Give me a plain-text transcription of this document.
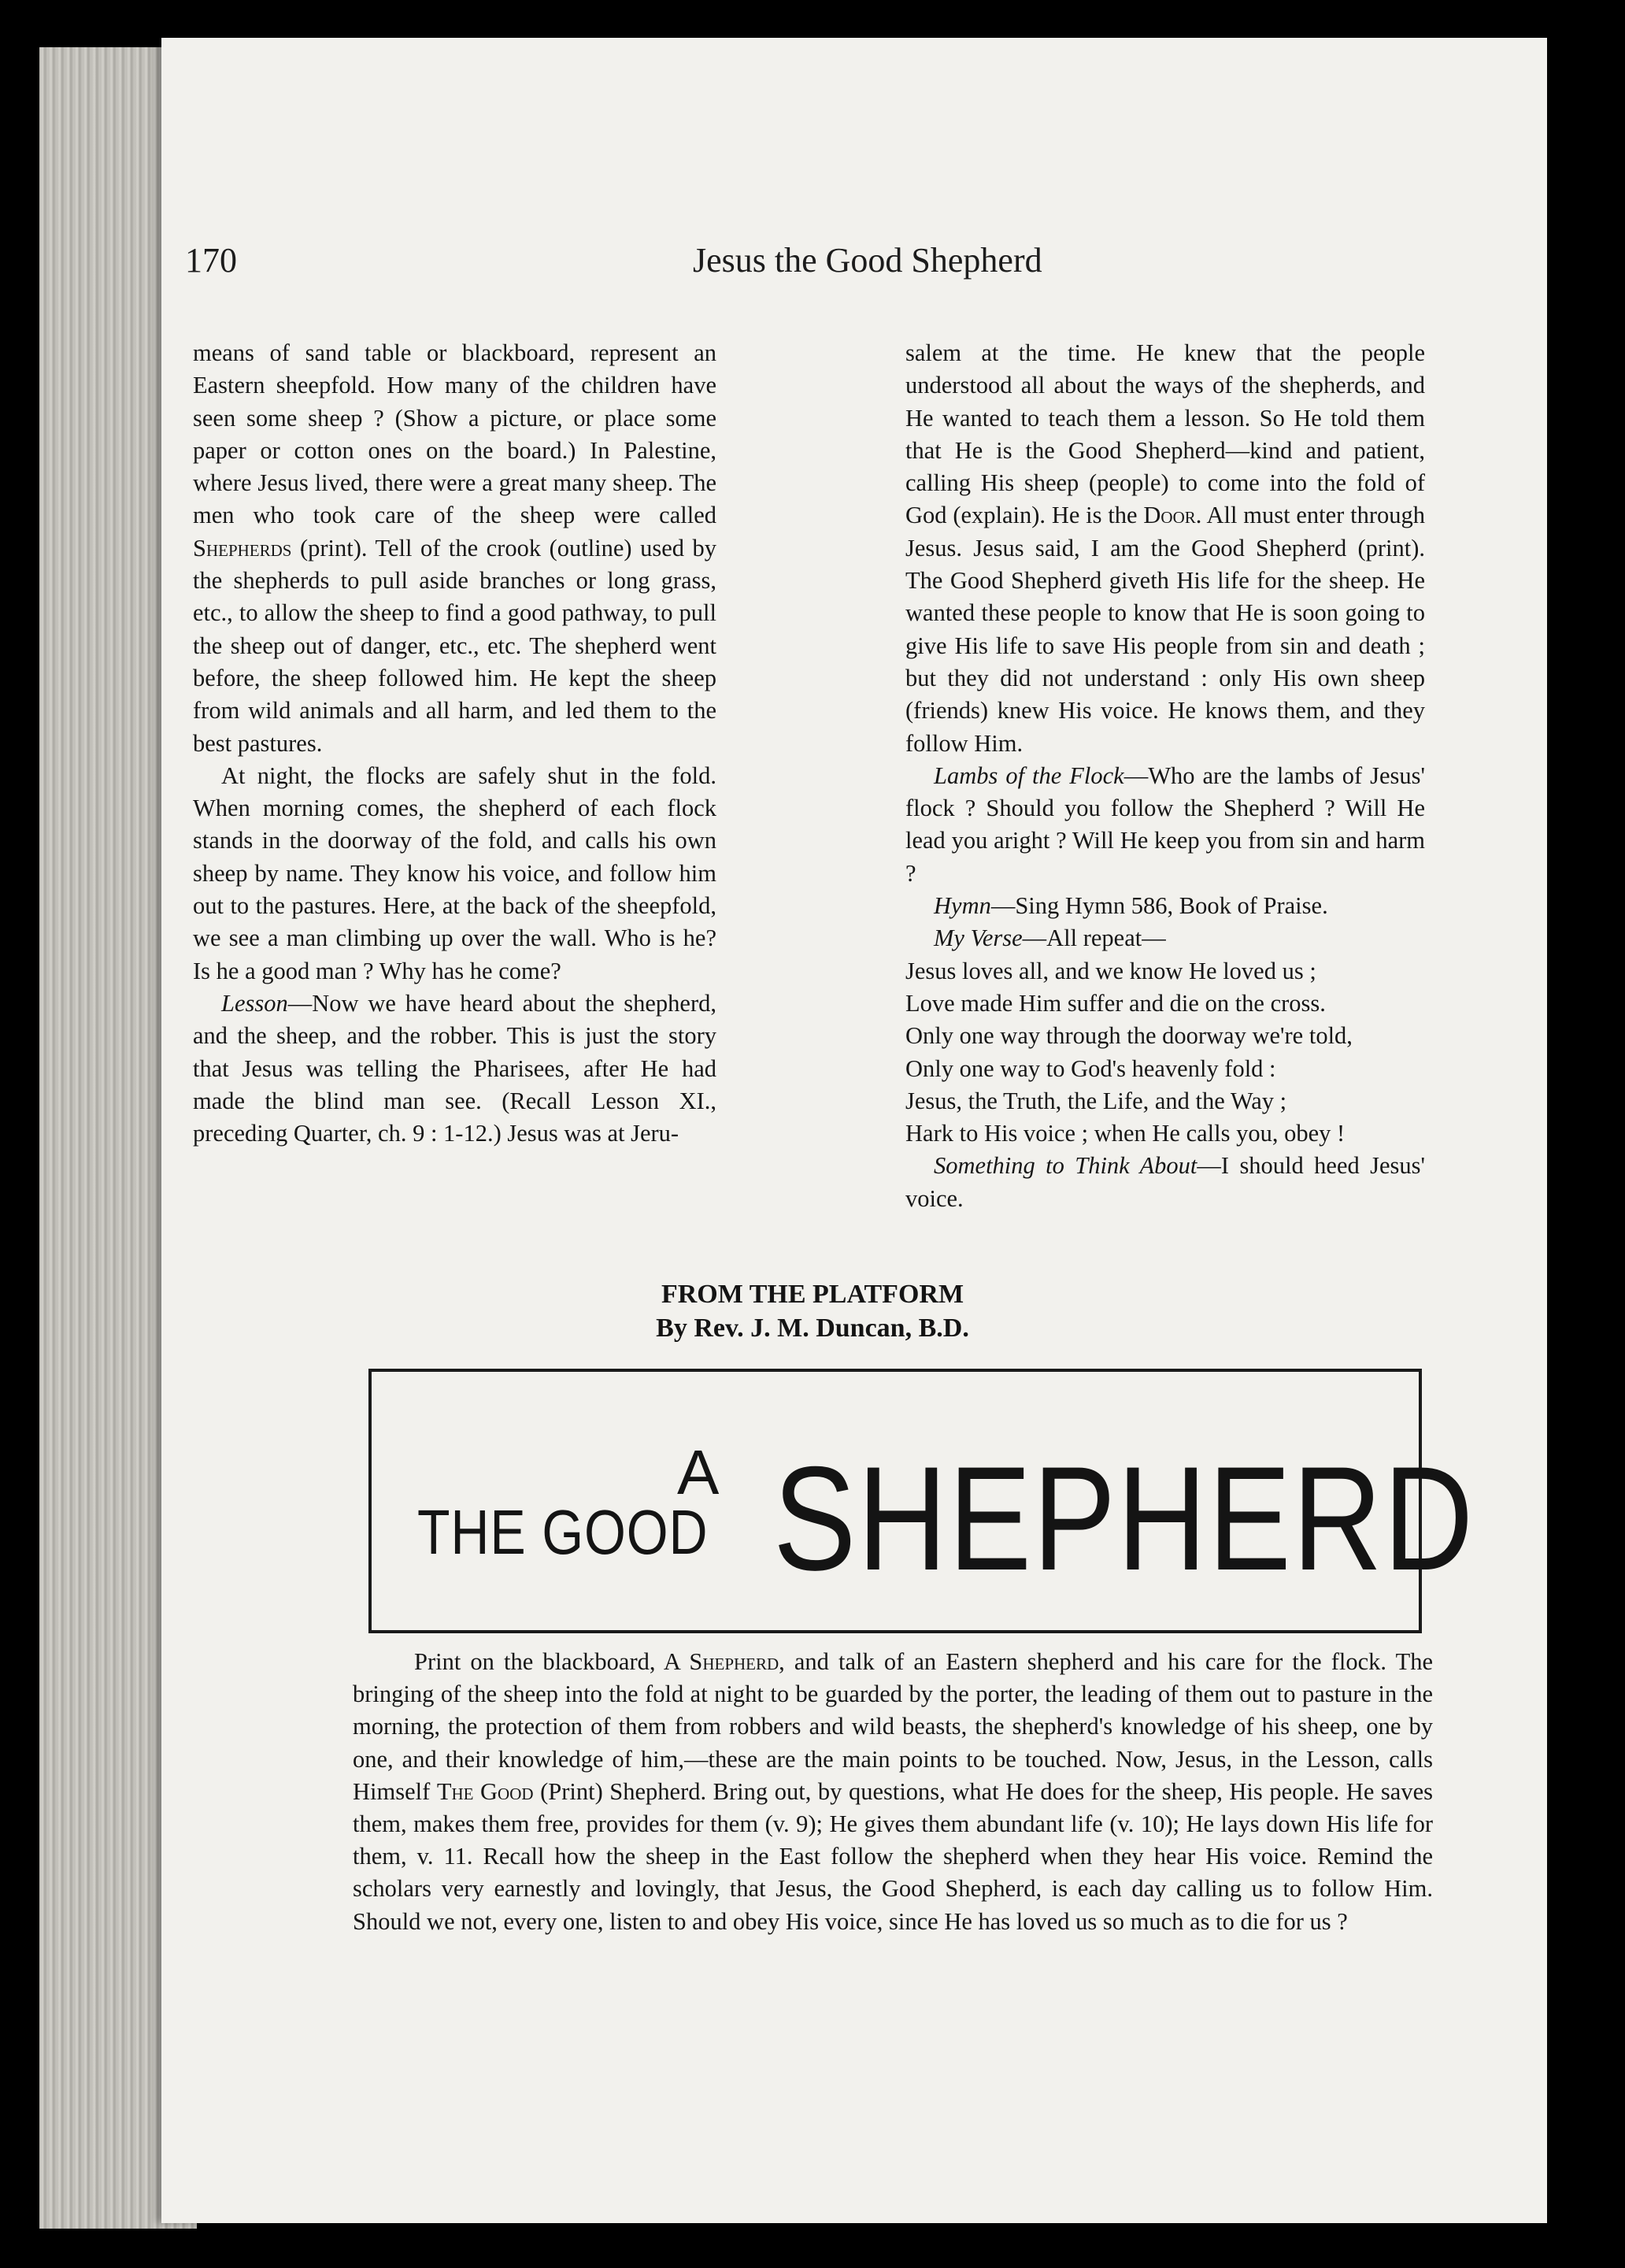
170	Jesus the Good Shepherd

means of sand table or blackboard, represent an Eastern sheepfold. How many of the children have seen some sheep ? (Show a picture, or place some paper or cotton ones on the board.) In Palestine, where Jesus lived, there were a great many sheep. The men who took care of the sheep were called Shepherds (print). Tell of the crook (outline) used by the shepherds to pull aside branches or long grass, etc., to allow the sheep to find a good pathway, to pull the sheep out of danger, etc., etc. The shepherd went before, the sheep followed him. He kept the sheep from wild animals and all harm, and led them to the best pastures.

At night, the flocks are safely shut in the fold. When morning comes, the shepherd of each flock stands in the doorway of the fold, and calls his own sheep by name. They know his voice, and follow him out to the pastures. Here, at the back of the sheepfold, we see a man climbing up over the wall. Who is he? Is he a good man ? Why has he come?

Lesson—Now we have heard about the shepherd, and the sheep, and the robber. This is just the story that Jesus was telling the Pharisees, after He had made the blind man see. (Recall Lesson XI., preceding Quarter, ch. 9 : 1-12.) Jesus was at Jeru-

salem at the time. He knew that the people understood all about the ways of the shepherds, and He wanted to teach them a lesson. So He told them that He is the Good Shepherd—kind and patient, calling His sheep (people) to come into the fold of God (explain). He is the Door. All must enter through Jesus. Jesus said, I am the Good Shepherd (print). The Good Shepherd giveth His life for the sheep. He wanted these people to know that He is soon going to give His life to save His people from sin and death ; but they did not understand : only His own sheep (friends) knew His voice. He knows them, and they follow Him.

Lambs of the Flock—Who are the lambs of Jesus' flock ? Should you follow the Shepherd ? Will He lead you aright ? Will He keep you from sin and harm ?

Hymn—Sing Hymn 586, Book of Praise.

My Verse—All repeat—

Jesus loves all, and we know He loved us ;
Love made Him suffer and die on the cross.
Only one way through the doorway we're told,
Only one way to God's heavenly fold :
Jesus, the Truth, the Life, and the Way ;
Hark to His voice ; when He calls you, obey !

Something to Think About—I should heed Jesus' voice.

FROM THE PLATFORM
By Rev. J. M. Duncan, B.D.
THE GOOD
A SHEPHERD

Print on the blackboard, A Shepherd, and talk of an Eastern shepherd and his care for the flock. The bringing of the sheep into the fold at night to be guarded by the porter, the leading of them out to pasture in the morning, the protection of them from robbers and wild beasts, the shepherd's knowledge of his sheep, one by one, and their knowledge of him,—these are the main points to be touched. Now, Jesus, in the Lesson, calls Himself The Good (Print) Shepherd. Bring out, by questions, what He does for the sheep, His people. He saves them, makes them free, provides for them (v. 9); He gives them abundant life (v. 10); He lays down His life for them, v. 11. Recall how the sheep in the East follow the shepherd when they hear His voice. Remind the scholars very earnestly and lovingly, that Jesus, the Good Shepherd, is each day calling us to follow Him. Should we not, every one, listen to and obey His voice, since He has loved us so much as to die for us ?
